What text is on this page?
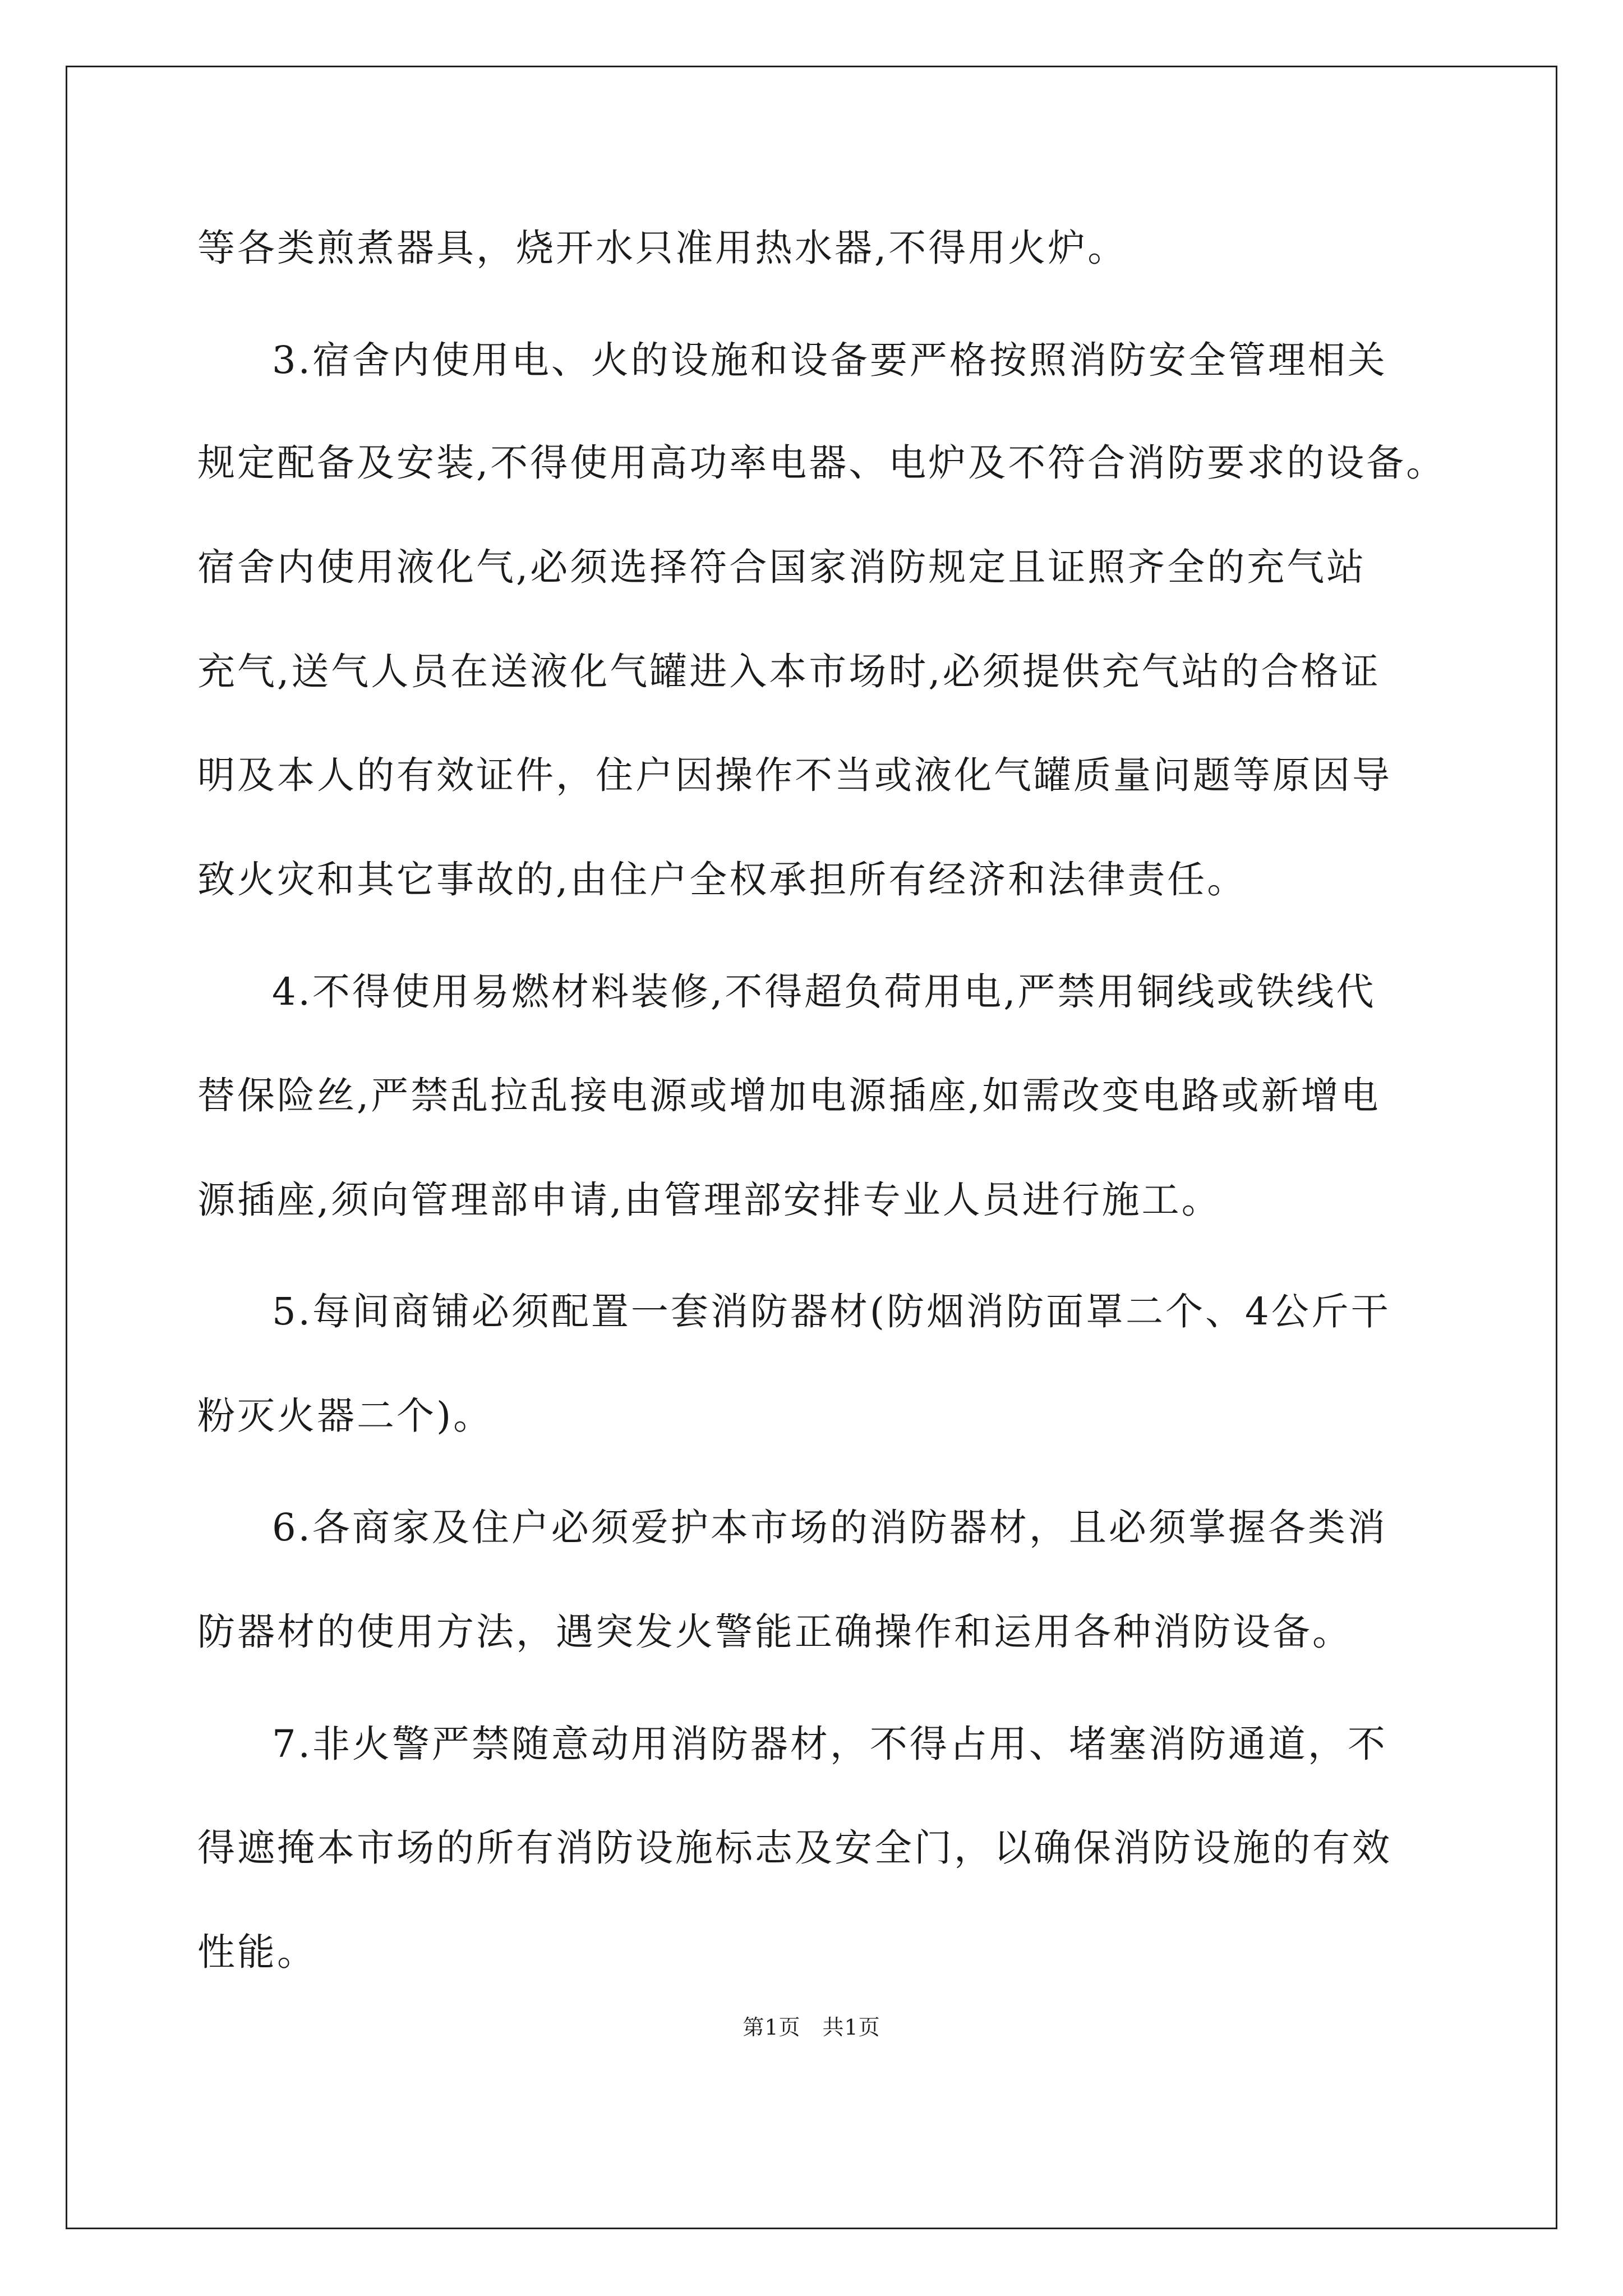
等各类煎煮器具，烧开水只准用热水器,不得用火炉。
3.宿舍内使用电、火的设施和设备要严格按照消防安全管理相关
规定配备及安装,不得使用高功率电器、电炉及不符合消防要求的设备。
宿舍内使用液化气,必须选择符合国家消防规定且证照齐全的充气站
充气,送气人员在送液化气罐进入本市场时,必须提供充气站的合格证
明及本人的有效证件，住户因操作不当或液化气罐质量问题等原因导
致火灾和其它事故的,由住户全权承担所有经济和法律责任。
4.不得使用易燃材料装修,不得超负荷用电,严禁用铜线或铁线代
替保险丝,严禁乱拉乱接电源或增加电源插座,如需改变电路或新增电
源插座,须向管理部申请,由管理部安排专业人员进行施工。
5.每间商铺必须配置一套消防器材(防烟消防面罩二个、4公斤干
粉灭火器二个)。
6.各商家及住户必须爱护本市场的消防器材，且必须掌握各类消
防器材的使用方法，遇突发火警能正确操作和运用各种消防设备。
7.非火警严禁随意动用消防器材，不得占用、堵塞消防通道，不
得遮掩本市场的所有消防设施标志及安全门，以确保消防设施的有效
性能。
第1页　共1页
